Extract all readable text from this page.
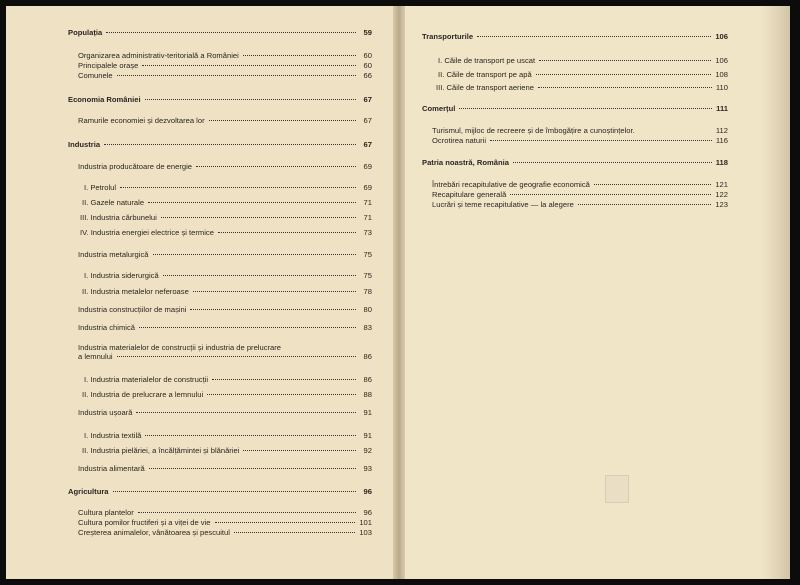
Populația	59
Organizarea administrativ-teritorială a României	60
Principalele orașe	60
Comunele	66
Economia României	67
Ramurile economiei și dezvoltarea lor	67
Industria	67
Industria producătoare de energie	69
I. Petrolul	69
II. Gazele naturale	71
III. Industria cărbunelui	71
IV. Industria energiei electrice și termice	73
Industria metalurgică	75
I. Industria siderurgică	75
II. Industria metalelor neferoase	78
Industria construcțiilor de mașini	80
Industria chimică	83
Industria materialelor de construcții și industria de prelucrare
a lemnului	86
I. Industria materialelor de construcții	86
II. Industria de prelucrare a lemnului	88
Industria ușoară	91
I. Industria textilă	91
II. Industria pielăriei, a încălțămintei și blănăriei	92
Industria alimentară	93
Agricultura	96
Cultura plantelor	96
Cultura pomilor fructiferi și a viței de vie	101
Creșterea animalelor, vânătoarea și pescuitul	103
Transporturile	106
I. Căile de transport pe uscat	106
II. Căile de transport pe apă	108
III. Căile de transport aeriene	110
Comerțul	111
Turismul, mijloc de recreere și de îmbogățire a cunoștințelor.	112
Ocrotirea naturii	116
Patria noastră, România	118
Întrebări recapitulative de geografie economică	121
Recapitulare generală	122
Lucrări și teme recapitulative — la alegere	123
